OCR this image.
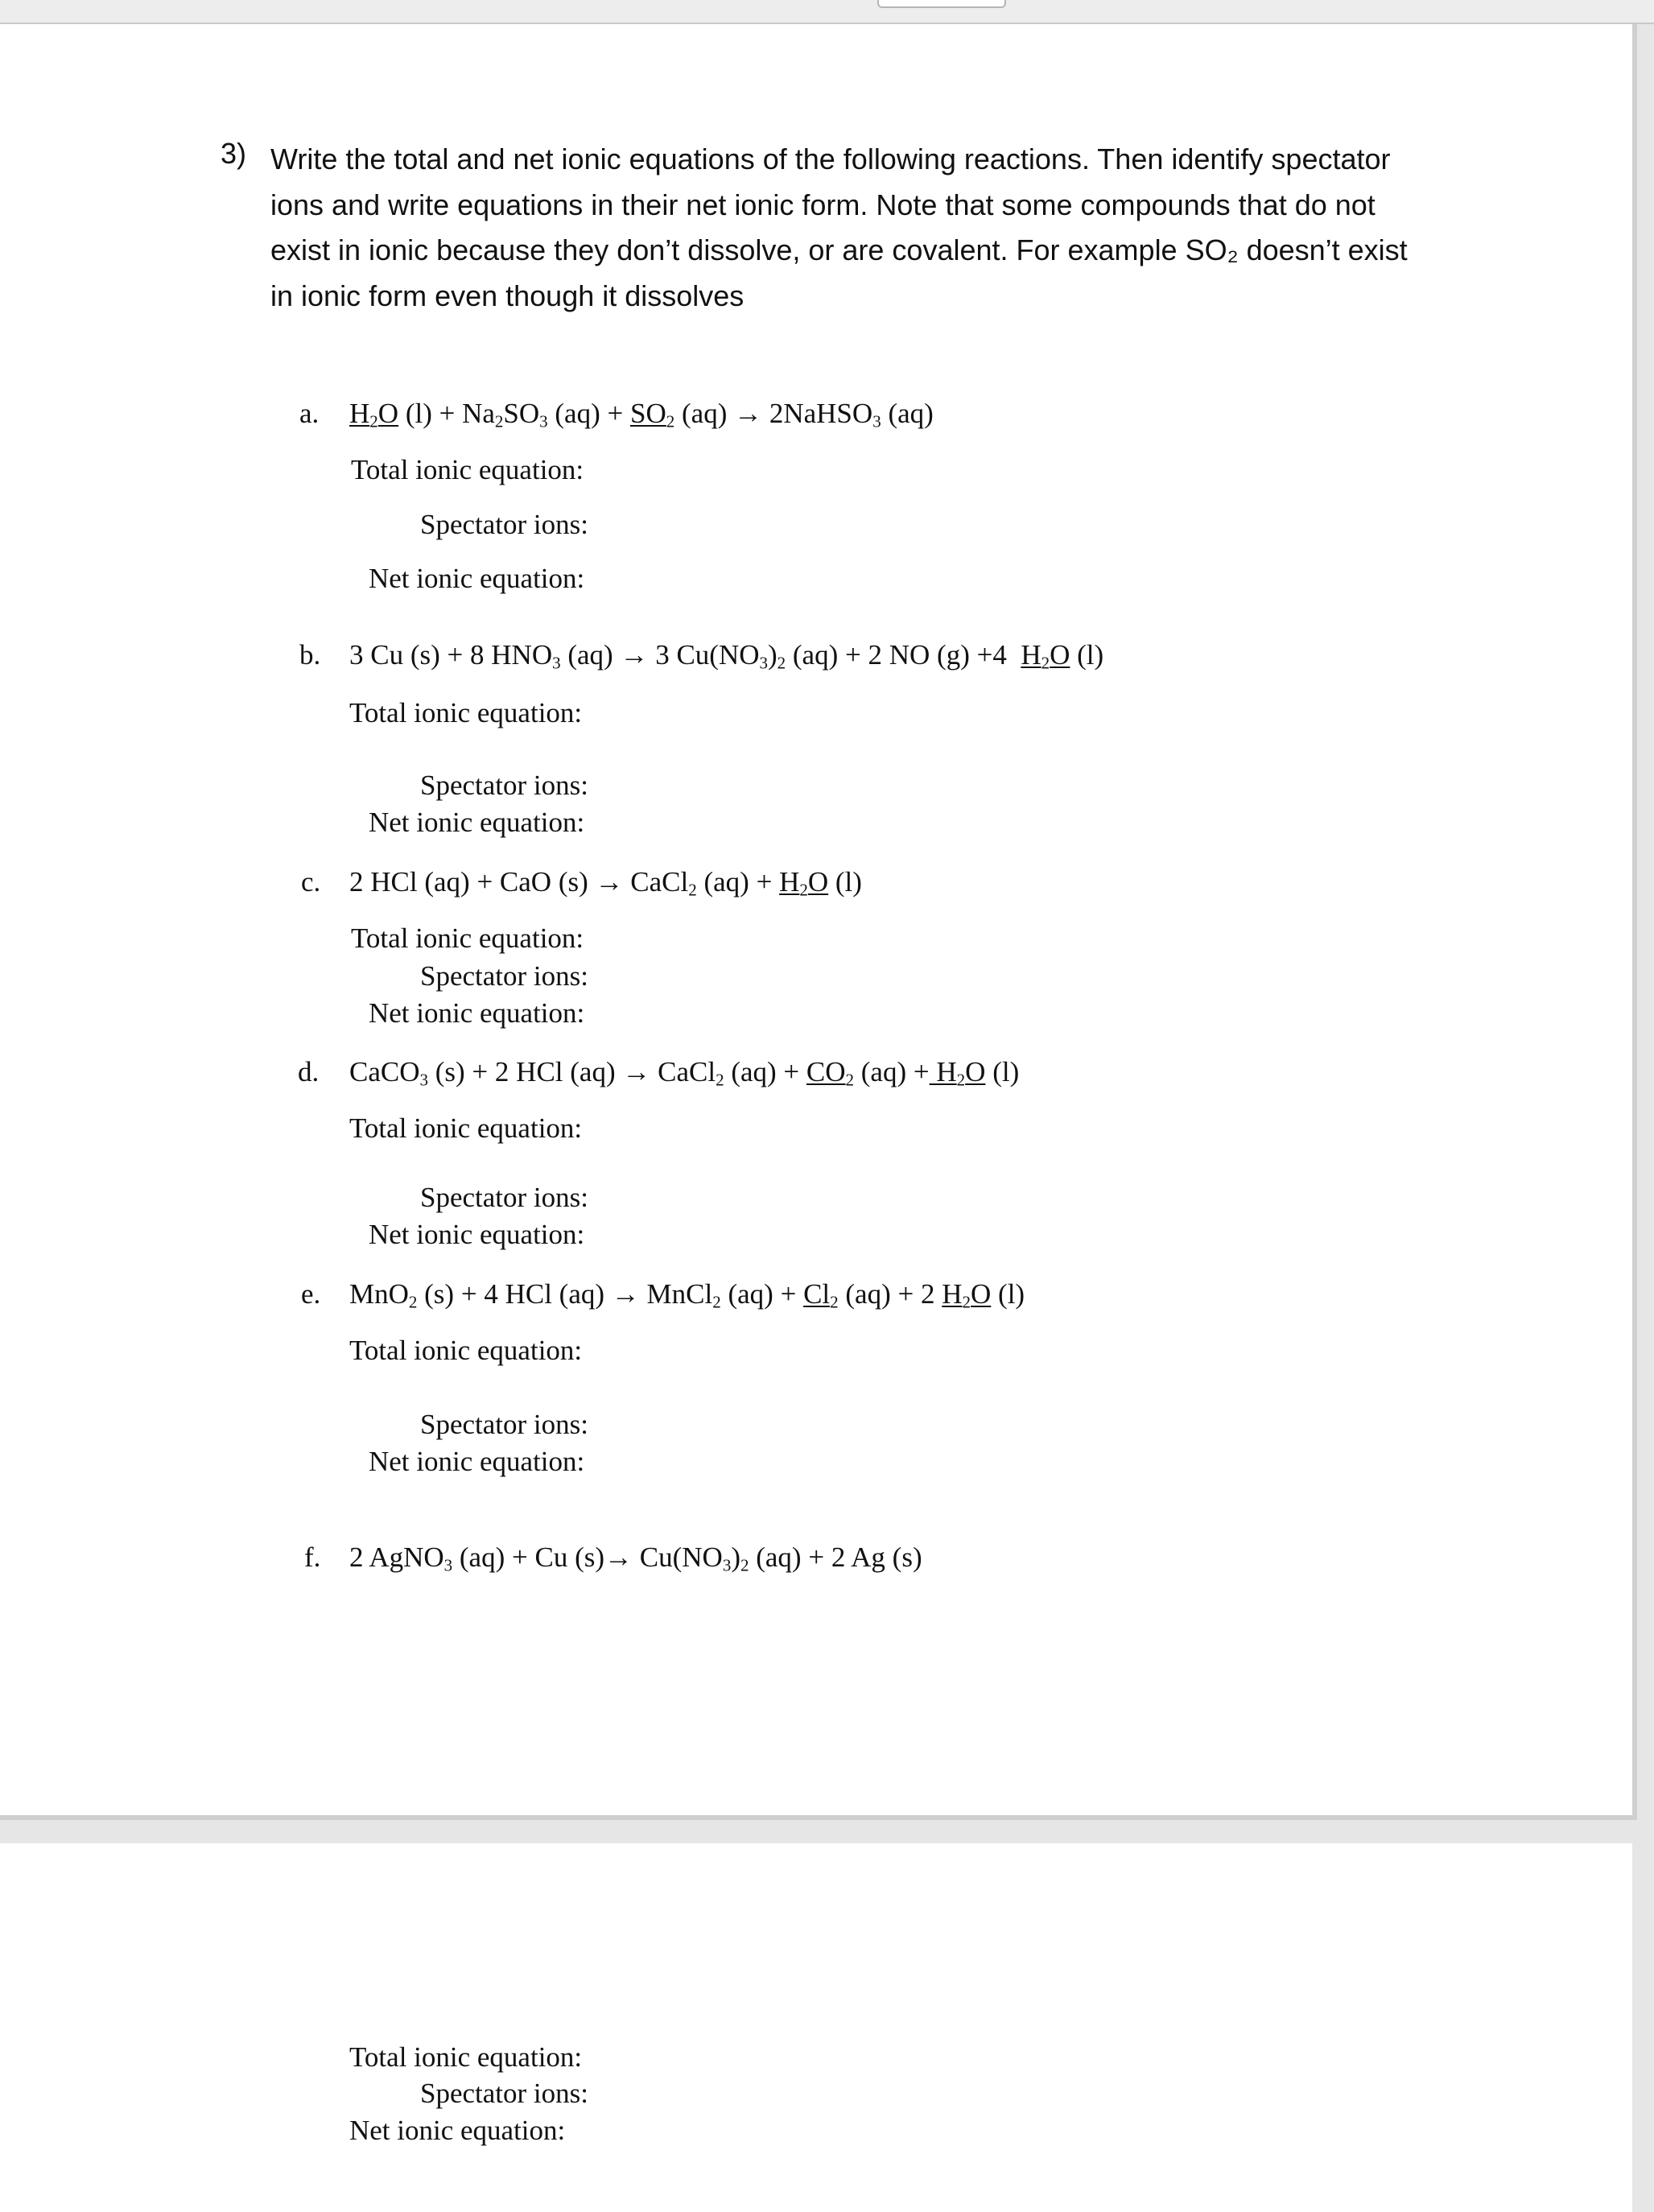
3) Write the total and net ionic equations of the following reactions. Then identify spectator ions and write equations in their net ionic form. Note that some compounds that do not exist in ionic because they don’t dissolve, or are covalent. For example SO₂ doesn’t exist in ionic form even though it dissolves
a. $H_2O$ $(l) + Na_2SO_3$ $(aq) + SO_2$ (aq) → 2NaHSO$_3$ (aq)
Total ionic equation:
Spectator ions:
Net ionic equation:
b. 3 Cu (s) + 8 $HNO_3$ (aq) → 3 $Cu(NO_3)_2$ (aq) + 2 NO (g) +4  $H_2O$ (l)
Total ionic equation:
Spectator ions:
Net ionic equation:
c. 2 HCl (aq) + CaO (s) → CaCl$_2$ $(aq) + H_2O$ (l)
Total ionic equation:
Spectator ions:
Net ionic equation:
d. CaCO$_3$ (s) + 2 HCl (aq) → CaCl$_2$ $(aq) + CO_2$ $(aq) + H_2O$ (l)
Total ionic equation:
Spectator ions:
Net ionic equation:
e. MnO$_2$ (s) + 4 HCl (aq) → MnCl$_2$ $(aq) + Cl_2$ (aq) + 2 $H_2O$ (l)
Total ionic equation:
Spectator ions:
Net ionic equation:
f. 2 AgNO$_3$ (aq) + Cu $(s)\to Cu(NO_3)_2$ (aq) + 2 Ag (s)
Total ionic equation:
Spectator ions:
Net ionic equation:
